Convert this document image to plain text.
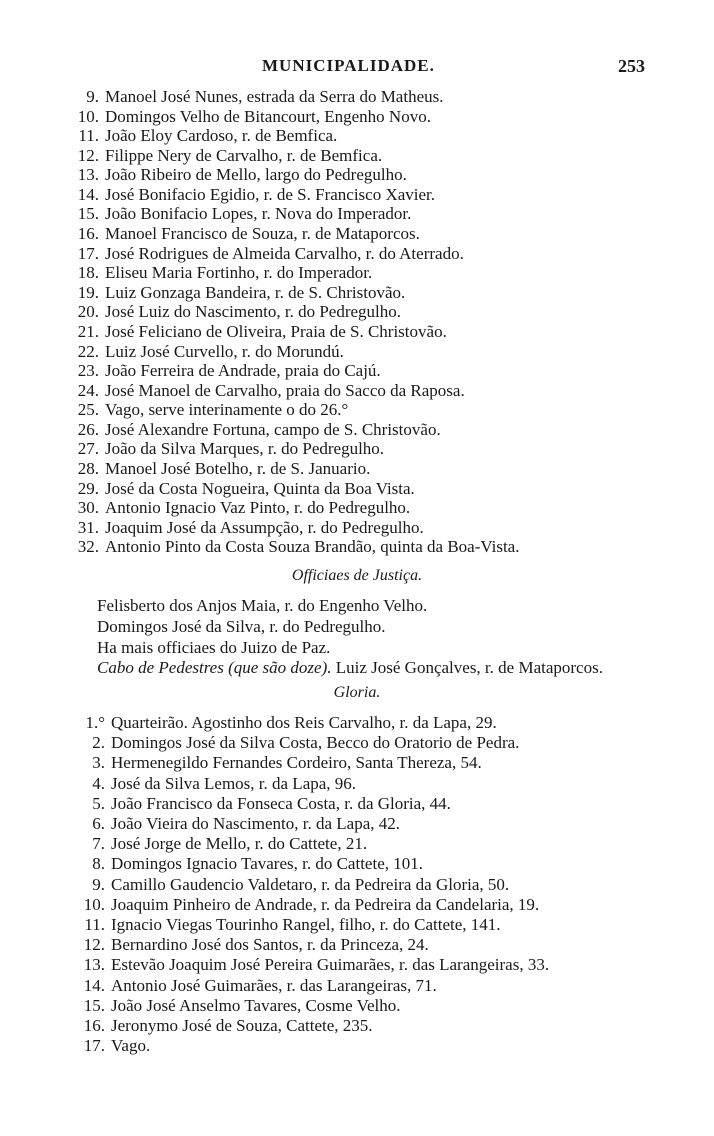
MUNICIPALIDADE.	253
9. Manoel José Nunes, estrada da Serra do Matheus.
10. Domingos Velho de Bitancourt, Engenho Novo.
11. João Eloy Cardoso, r. de Bemfica.
12. Filippe Nery de Carvalho, r. de Bemfica.
13. João Ribeiro de Mello, largo do Pedregulho.
14. José Bonifacio Egidio, r. de S. Francisco Xavier.
15. João Bonifacio Lopes, r. Nova do Imperador.
16. Manoel Francisco de Souza, r. de Mataporcos.
17. José Rodrigues de Almeida Carvalho, r. do Aterrado.
18. Eliseu Maria Fortinho, r. do Imperador.
19. Luiz Gonzaga Bandeira, r. de S. Christovão.
20. José Luiz do Nascimento, r. do Pedregulho.
21. José Feliciano de Oliveira, Praia de S. Christovão.
22. Luiz José Curvello, r. do Morundú.
23. João Ferreira de Andrade, praia do Cajú.
24. José Manoel de Carvalho, praia do Sacco da Raposa.
25. Vago, serve interinamente o do 26.°
26. José Alexandre Fortuna, campo de S. Christovão.
27. João da Silva Marques, r. do Pedregulho.
28. Manoel José Botelho, r. de S. Januario.
29. José da Costa Nogueira, Quinta da Boa Vista.
30. Antonio Ignacio Vaz Pinto, r. do Pedregulho.
31. Joaquim José da Assumpção, r. do Pedregulho.
32. Antonio Pinto da Costa Souza Brandão, quinta da Boa-Vista.
Officiaes de Justiça.
Felisberto dos Anjos Maia, r. do Engenho Velho.
Domingos José da Silva, r. do Pedregulho.
Ha mais officiaes do Juizo de Paz.
Cabo de Pedestres (que são doze). Luiz José Gonçalves, r. de Mataporcos.
Gloria.
1.° Quarteirão. Agostinho dos Reis Carvalho, r. da Lapa, 29.
2. Domingos José da Silva Costa, Becco do Oratorio de Pedra.
3. Hermenegildo Fernandes Cordeiro, Santa Thereza, 54.
4. José da Silva Lemos, r. da Lapa, 96.
5. João Francisco da Fonseca Costa, r. da Gloria, 44.
6. João Vieira do Nascimento, r. da Lapa, 42.
7. José Jorge de Mello, r. do Cattete, 21.
8. Domingos Ignacio Tavares, r. do Cattete, 101.
9. Camillo Gaudencio Valdetaro, r. da Pedreira da Gloria, 50.
10. Joaquim Pinheiro de Andrade, r. da Pedreira da Candelaria, 19.
11. Ignacio Viegas Tourinho Rangel, filho, r. do Cattete, 141.
12. Bernardino José dos Santos, r. da Princeza, 24.
13. Estevão Joaquim José Pereira Guimarães, r. das Larangeiras, 33.
14. Antonio José Guimarães, r. das Larangeiras, 71.
15. João José Anselmo Tavares, Cosme Velho.
16. Jeronymo José de Souza, Cattete, 235.
17. Vago.
